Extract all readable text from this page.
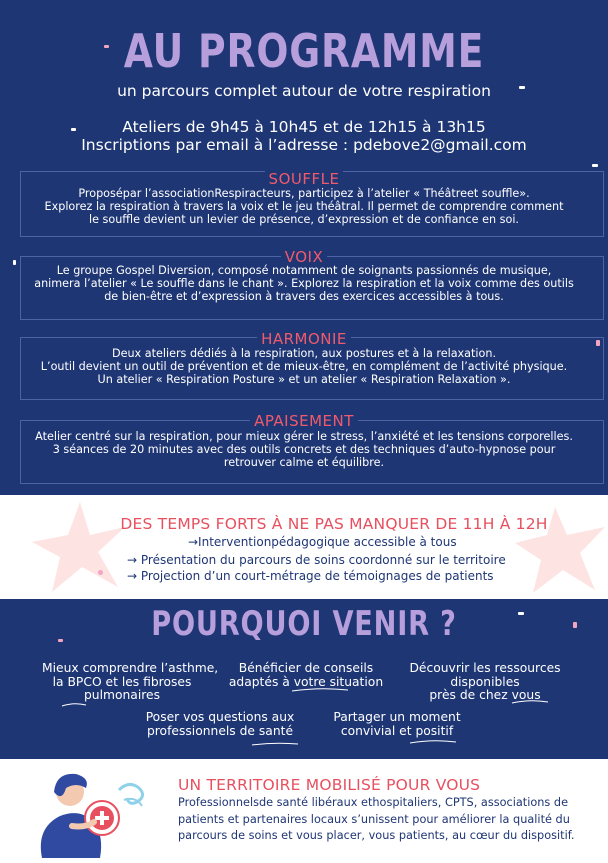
AU PROGRAMME
un parcours complet autour de votre respiration
Ateliers de 9h45 à 10h45 et de 12h15 à 13h15
Inscriptions par email à l’adresse : pdebove2@gmail.com
SOUFFLE
Proposépar l’associationRespiracteurs, participez à l’atelier « Théâtreet souffle».
Explorez la respiration à travers la voix et le jeu théâtral. Il permet de comprendre comment
le souffle devient un levier de présence, d’expression et de confiance en soi.
VOIX
Le groupe Gospel Diversion, composé notamment de soignants passionnés de musique,
animera l’atelier « Le souffle dans le chant ». Explorez la respiration et la voix comme des outils
de bien-être et d’expression à travers des exercices accessibles à tous.
HARMONIE
Deux ateliers dédiés à la respiration, aux postures et à la relaxation.
L’outil devient un outil de prévention et de mieux-être, en complément de l’activité physique.
Un atelier « Respiration Posture » et un atelier « Respiration Relaxation ».
APAISEMENT
Atelier centré sur la respiration, pour mieux gérer le stress, l’anxiété et les tensions corporelles.
3 séances de 20 minutes avec des outils concrets et des techniques d’auto-hypnose pour
retrouver calme et équilibre.
DES TEMPS FORTS À NE PAS MANQUER DE 11H À 12H
→Interventionpédagogique accessible à tous
→ Présentation du parcours de soins coordonné sur le territoire
→ Projection d’un court-métrage de témoignages de patients
POURQUOI VENIR ?
Mieux comprendre l’asthme,
la BPCO et les fibroses
pulmonaires
Bénéficier de conseils
adaptés à votre situation
Découvrir les ressources
disponibles
près de chez vous
Poser vos questions aux
professionnels de santé
Partager un moment
convivial et positif
UN TERRITOIRE MOBILISÉ POUR VOUS
Professionnelsde santé libéraux ethospitaliers, CPTS, associations de
patients et partenaires locaux s’unissent pour améliorer la qualité du
parcours de soins et vous placer, vous patients, au cœur du dispositif.
